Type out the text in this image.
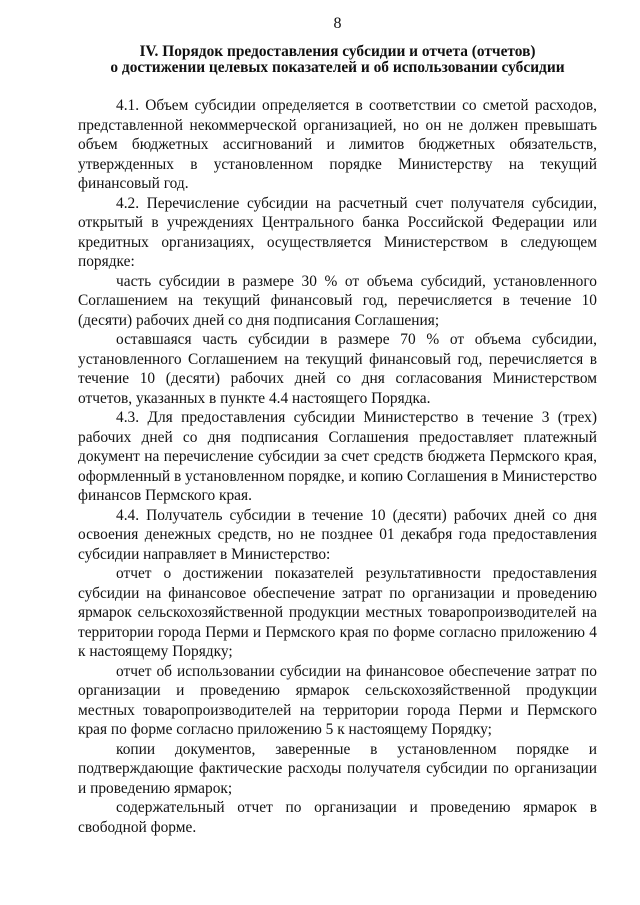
8
IV. Порядок предоставления субсидии и отчета (отчетов)
о достижении целевых показателей и об использовании субсидии

4.1. Объем субсидии определяется в соответствии со сметой расходов, представленной некоммерческой организацией, но он не должен превышать объем бюджетных ассигнований и лимитов бюджетных обязательств, утвержденных в установленном порядке Министерству на текущий финансовый год.

4.2. Перечисление субсидии на расчетный счет получателя субсидии, открытый в учреждениях Центрального банка Российской Федерации или кредитных организациях, осуществляется Министерством в следующем порядке:

часть субсидии в размере 30 % от объема субсидий, установленного Соглашением на текущий финансовый год, перечисляется в течение 10 (десяти) рабочих дней со дня подписания Соглашения;

оставшаяся часть субсидии в размере 70 % от объема субсидии, установленного Соглашением на текущий финансовый год, перечисляется в течение 10 (десяти) рабочих дней со дня согласования Министерством отчетов, указанных в пункте 4.4 настоящего Порядка.

4.3. Для предоставления субсидии Министерство в течение 3 (трех) рабочих дней со дня подписания Соглашения предоставляет платежный документ на перечисление субсидии за счет средств бюджета Пермского края, оформленный в установленном порядке, и копию Соглашения в Министерство финансов Пермского края.

4.4. Получатель субсидии в течение 10 (десяти) рабочих дней со дня освоения денежных средств, но не позднее 01 декабря года предоставления субсидии направляет в Министерство:

отчет о достижении показателей результативности предоставления субсидии на финансовое обеспечение затрат по организации и проведению ярмарок сельскохозяйственной продукции местных товаропроизводителей на территории города Перми и Пермского края по форме согласно приложению 4 к настоящему Порядку;

отчет об использовании субсидии на финансовое обеспечение затрат по организации и проведению ярмарок сельскохозяйственной продукции местных товаропроизводителей на территории города Перми и Пермского края по форме согласно приложению 5 к настоящему Порядку;

копии документов, заверенные в установленном порядке и подтверждающие фактические расходы получателя субсидии по организации и проведению ярмарок;

содержательный отчет по организации и проведению ярмарок в свободной форме.
